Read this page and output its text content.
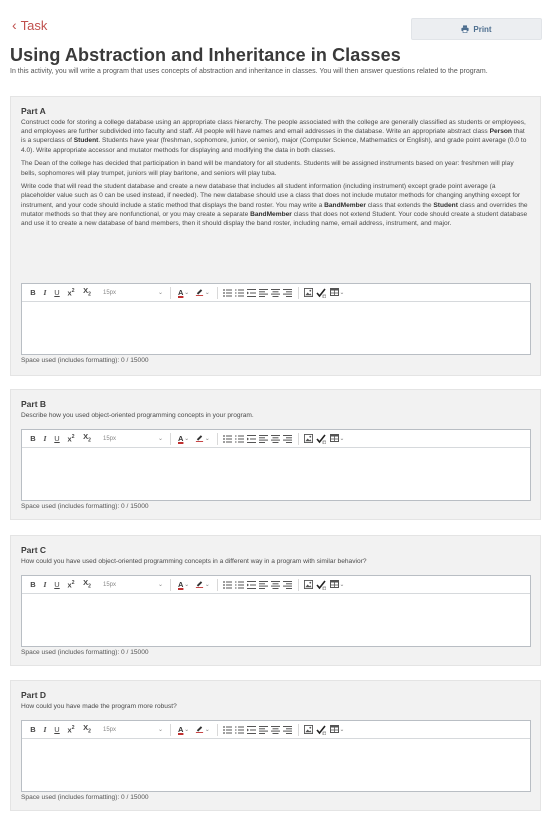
‹ Task	Print
Using Abstraction and Inheritance in Classes

In this activity, you will write a program that uses concepts of abstraction and inheritance in classes. You will then answer questions related to the program.

Part A

Construct code for storing a college database using an appropriate class hierarchy. The people associated with the college are generally classified as students or employees, and employees are further subdivided into faculty and staff. All people will have names and email addresses in the database. Write an appropriate abstract class Person that is a superclass of Student. Students have year (freshman, sophomore, junior, or senior), major (Computer Science, Mathematics or English), and grade point average (0.0 to 4.0). Write appropriate accessor and mutator methods for displaying and modifying the data in both classes.

The Dean of the college has decided that participation in band will be mandatory for all students. Students will be assigned instruments based on year: freshmen will play bells, sophomores will play trumpet, juniors will play baritone, and seniors will play tuba.

Write code that will read the student database and create a new database that includes all student information (including instrument) except grade point average (a placeholder value such as 0 can be used instead, if needed). The new database should use a class that does not include mutator methods for changing anything except for instrument, and your code should include a static method that displays the band roster. You may write a BandMember class that extends the Student class and overrides the mutator methods so that they are nonfunctional, or you may create a separate BandMember class that does not extend Student. Your code should create a student database and use it to create a new database of band members, then it should display the band roster, including name, email address, instrument, and major.

B	I	U	$x^2$	$X_2$	15px	⌄ A ⌄	⌄	⌄
Space used (includes formatting): 0 / 15000
Part B
Describe how you used object-oriented programming concepts in your program.
B	I	U	$x^2$	$X_2$	15px	⌄ A ⌄	⌄	⌄
Space used (includes formatting): 0 / 15000
Part C
How could you have used object-oriented programming concepts in a different way in a program with similar behavior?
B	I	U	$x^2$	$X_2$	15px	⌄ A ⌄	⌄	⌄
Space used (includes formatting): 0 / 15000
Part D
How could you have made the program more robust?
B	I	U	$x^2$	$X_2$	15px	⌄ A ⌄	⌄	⌄
Space used (includes formatting): 0 / 15000
